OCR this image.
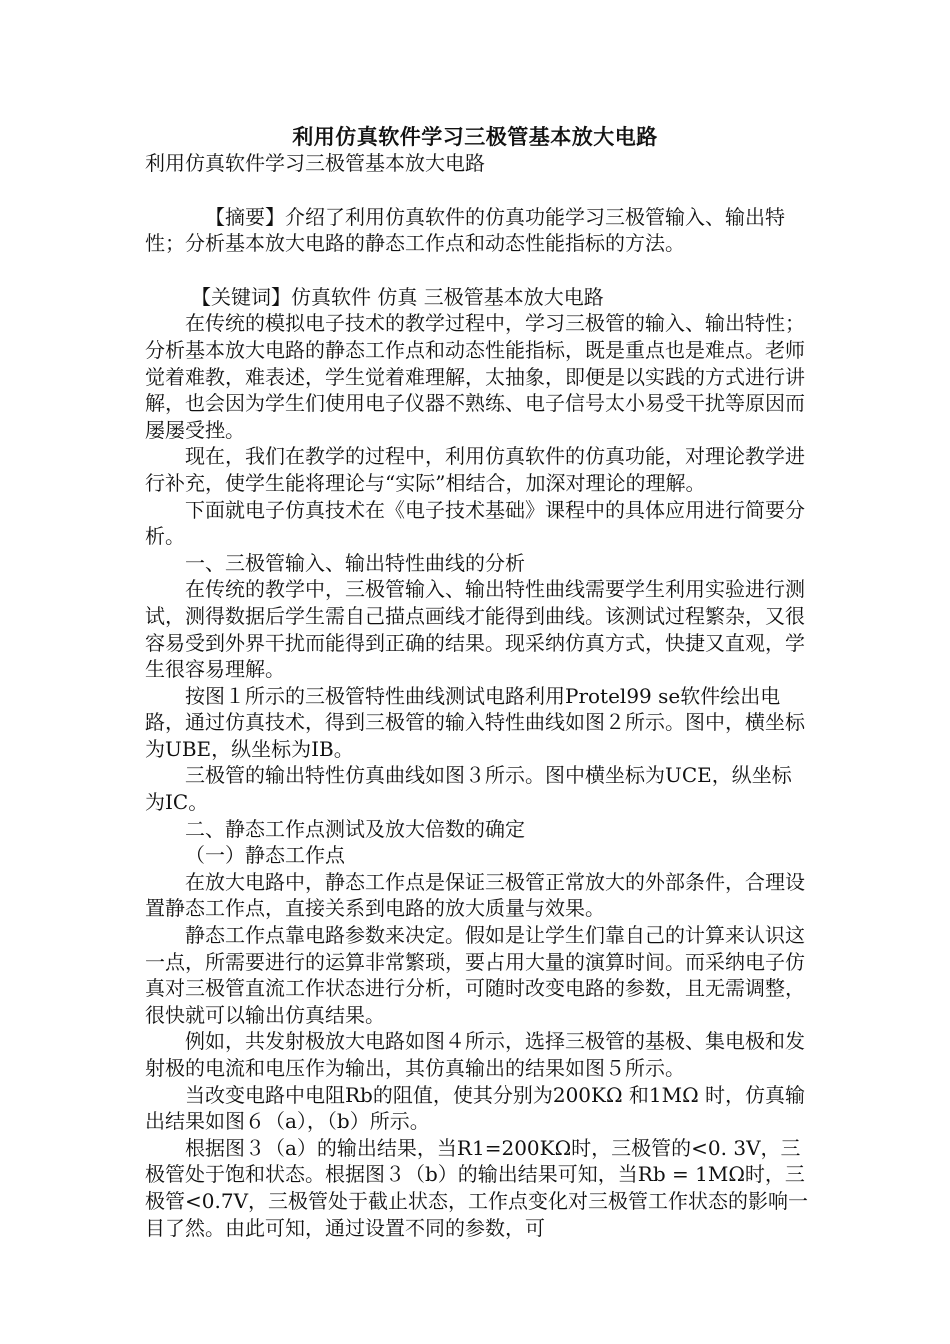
利用仿真软件学习三极管基本放大电路

利用仿真软件学习三极管基本放大电路

【摘要】介绍了利用仿真软件的仿真功能学习三极管输入、输出特性；分析基本放大电路的静态工作点和动态性能指标的方法。

【关键词】仿真软件 仿真 三极管基本放大电路

在传统的模拟电子技术的教学过程中，学习三极管的输入、输出特性；分析基本放大电路的静态工作点和动态性能指标，既是重点也是难点。老师觉着难教，难表述，学生觉着难理解，太抽象，即便是以实践的方式进行讲解，也会因为学生们使用电子仪器不熟练、电子信号太小易受干扰等原因而屡屡受挫。

现在，我们在教学的过程中，利用仿真软件的仿真功能，对理论教学进行补充，使学生能将理论与“实际”相结合，加深对理论的理解。

下面就电子仿真技术在《电子技术基础》课程中的具体应用进行简要分析。

一、三极管输入、输出特性曲线的分析

在传统的教学中，三极管输入、输出特性曲线需要学生利用实验进行测试，测得数据后学生需自己描点画线才能得到曲线。该测试过程繁杂，又很容易受到外界干扰而能得到正确的结果。现采纳仿真方式，快捷又直观，学生很容易理解。

按图１所示的三极管特性曲线测试电路利用Protel99 se软件绘出电路，通过仿真技术，得到三极管的输入特性曲线如图２所示。图中，横坐标为UBE，纵坐标为IB。

三极管的输出特性仿真曲线如图３所示。图中横坐标为UCE，纵坐标为IC。

二、静态工作点测试及放大倍数的确定

（一）静态工作点

在放大电路中，静态工作点是保证三极管正常放大的外部条件，合理设置静态工作点，直接关系到电路的放大质量与效果。

静态工作点靠电路参数来决定。假如是让学生们靠自己的计算来认识这一点，所需要进行的运算非常繁琐，要占用大量的演算时间。而采纳电子仿真对三极管直流工作状态进行分析，可随时改变电路的参数，且无需调整，很快就可以输出仿真结果。

例如，共发射极放大电路如图４所示，选择三极管的基极、集电极和发射极的电流和电压作为输出，其仿真输出的结果如图５所示。

当改变电路中电阻Rb的阻值，使其分别为200KΩ 和1MΩ 时，仿真输出结果如图６（a），（b）所示。

根据图３（a）的输出结果，当R1=200KΩ时，三极管的<0. 3V，三极管处于饱和状态。根据图３（b）的输出结果可知，当Rb = 1MΩ时，三极管<0.7V，三极管处于截止状态，工作点变化对三极管工作状态的影响一目了然。由此可知，通过设置不同的参数，可
